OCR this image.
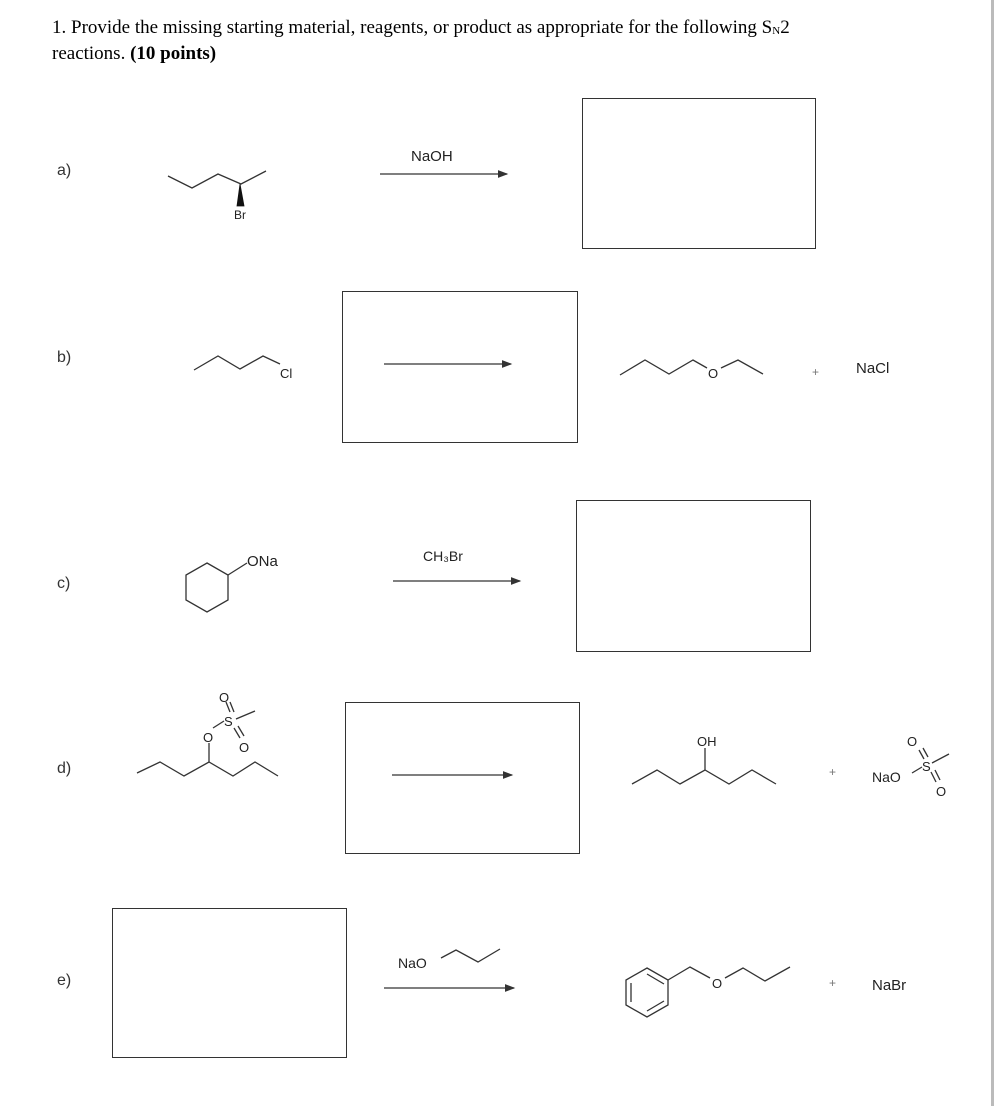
1. Provide the missing starting material, reagents, or product as appropriate for the following $S_N2$ reactions. (10 points)
a)
b)
c)
d)
e)
NaOH
Br
Cl	O	+ NaCl
ONa	CH₃Br
O
S
O
O	OH
+	NaO
S
O
O
NaO
O	+ NaBr
